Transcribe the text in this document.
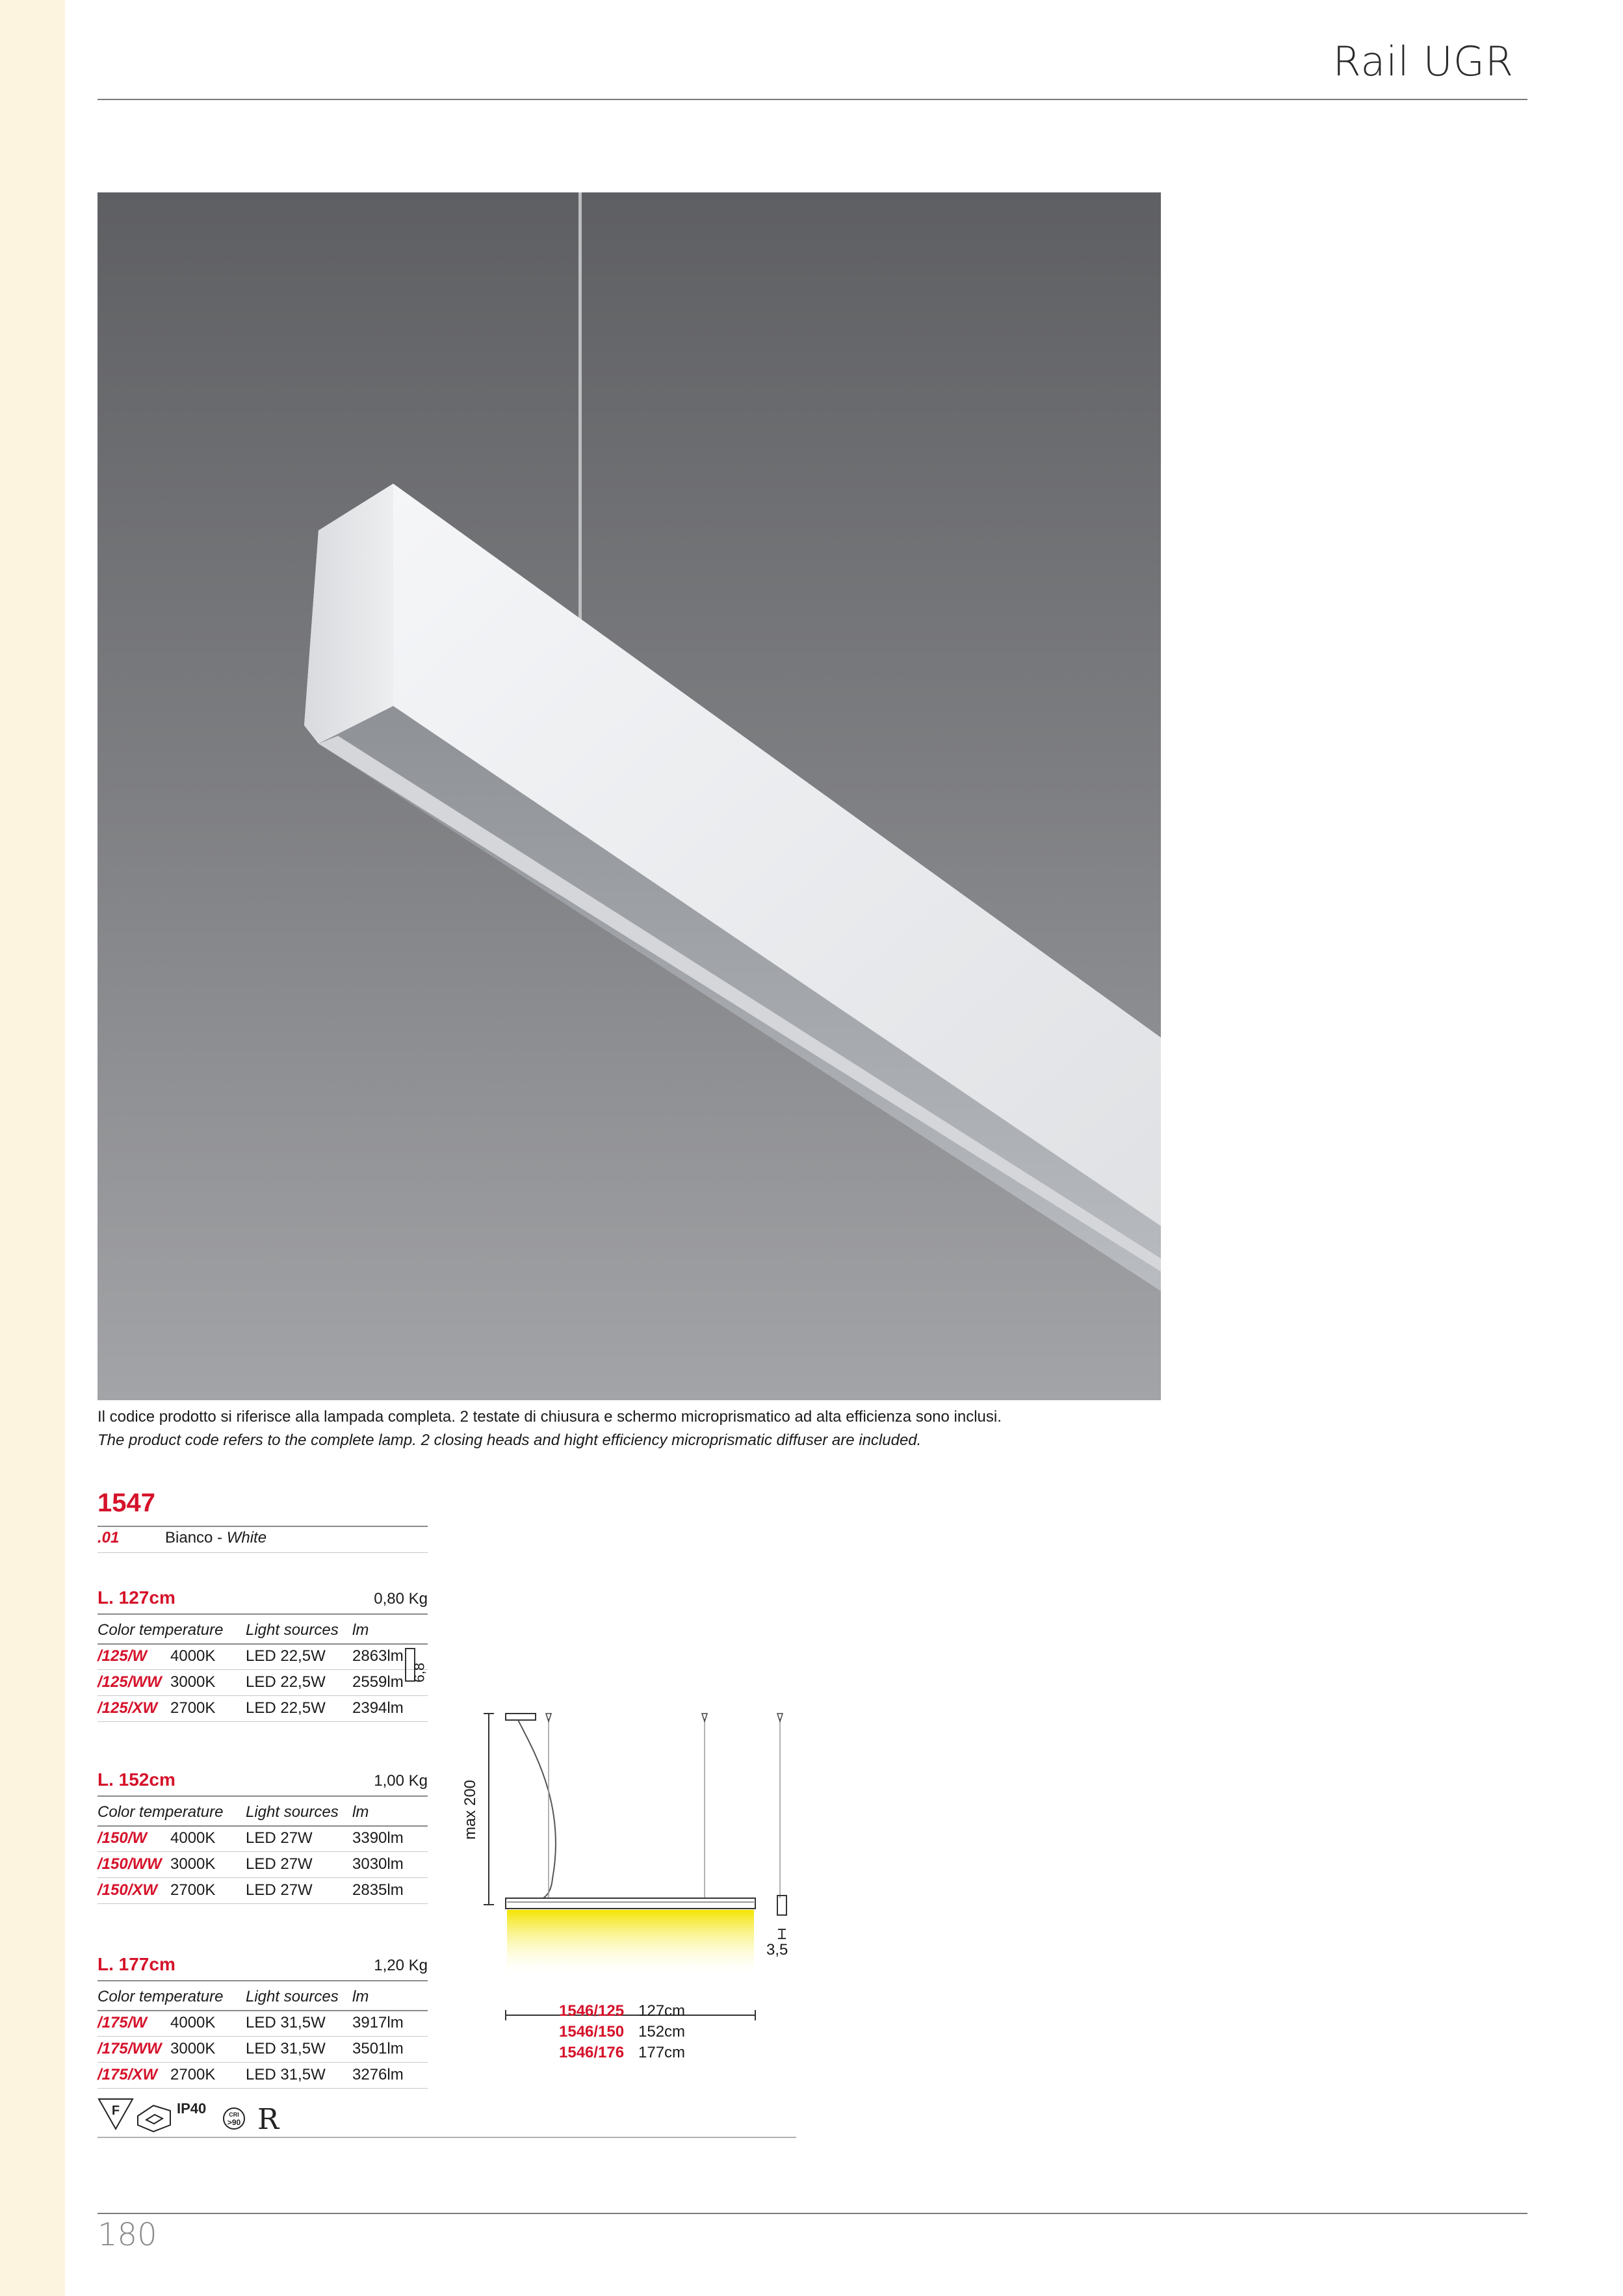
Rail UGR
Il codice prodotto si riferisce alla lampada completa. 2 testate di chiusura e schermo microprismatico ad alta efficienza sono inclusi.
The product code refers to the complete lamp. 2 closing heads and hight efficiency microprismatic diffuser are included.
1547
.01	Bianco - White
L. 127cm	0,80 Kg
Color temperature Light sources lm
/125/W 4000K LED 22,5W 2863lm
/125/WW 3000K LED 22,5W 2559lm
/125/XW 2700K LED 22,5W 2394lm
L. 152cm	1,00 Kg
Color temperature Light sources lm
/150/W 4000K LED 27W	3390lm
/150/WW 3000K LED 27W	3030lm
/150/XW 2700K LED 27W	2835lm
L. 177cm	1,20 Kg
Color temperature Light sources lm
/175/W 4000K LED 31,5W 3917lm
/175/WW 3000K LED 31,5W 3501lm
/175/XW 2700K LED 31,5W 3276lm
6,8
F	IP40	CRI
>90 R
max 200
3,5
1546/125 127cm
1546/150 152cm
1546/176 177cm
180
